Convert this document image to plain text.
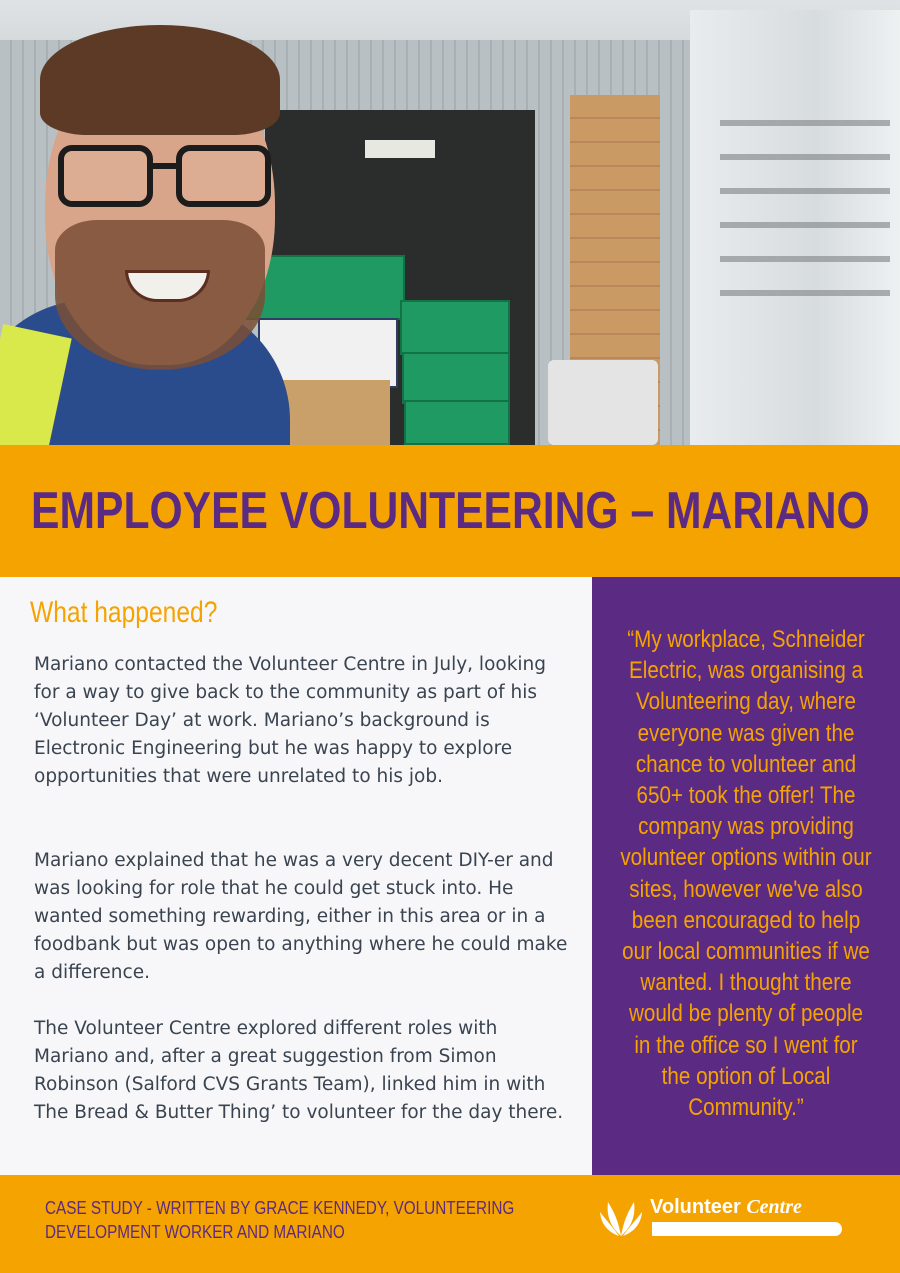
EMPLOYEE VOLUNTEERING – MARIANO
What happened?

Mariano contacted the Volunteer Centre in July, looking for a way to give back to the community as part of his ‘Volunteer Day’ at work. Mariano’s background is Electronic Engineering but he was happy to explore opportunities that were unrelated to his job.

Mariano explained that he was a very decent DIY-er and was looking for role that he could get stuck into. He wanted something rewarding, either in this area or in a foodbank but was open to anything where he could make a difference.

The Volunteer Centre explored different roles with Mariano and, after a great suggestion from Simon Robinson (Salford CVS Grants Team), linked him in with The Bread & Butter Thing’ to volunteer for the day there.

“My workplace, Schneider Electric, was organising a Volunteering day, where everyone was given the chance to volunteer and 650+ took the offer! The company was providing volunteer options within our sites, however we've also been encouraged to help our local communities if we wanted. I thought there would be plenty of people in the office so I went for the option of Local Community.”

CASE STUDY - WRITTEN BY GRACE KENNEDY, VOLUNTEERING DEVELOPMENT WORKER AND MARIANO

Volunteer Centre
Salford
